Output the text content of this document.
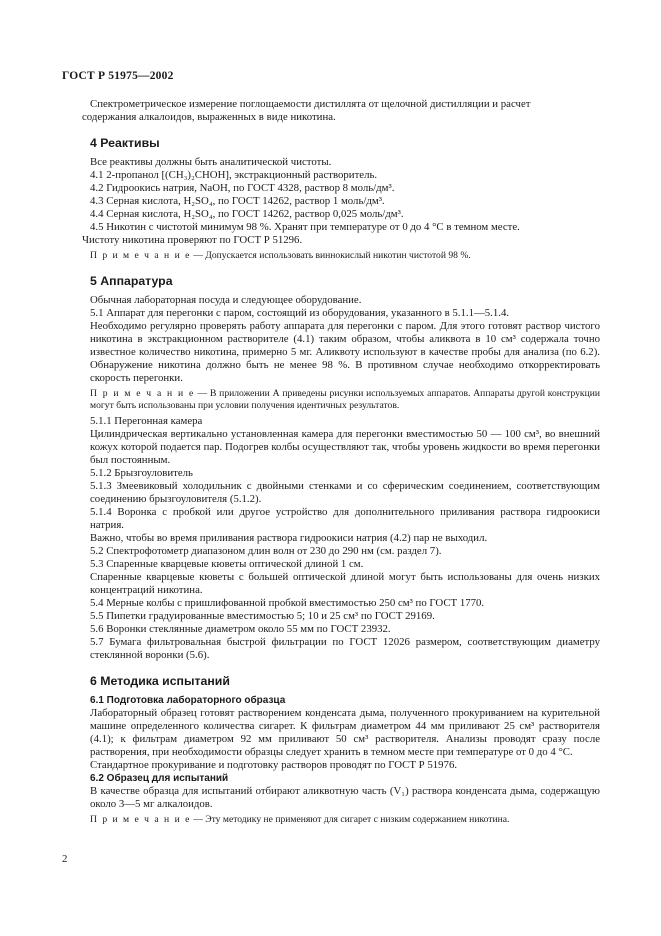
ГОСТ Р 51975—2002

Спектрометрическое измерение поглощаемости дистиллята от щелочной дистилляции и расчет

содержания алкалоидов, выраженных в виде никотина.

4 Реактивы

Все реактивы должны быть аналитической чистоты.

4.1 2-пропанол [(CH₃)₂CHOH], экстракционный растворитель.

4.2 Гидроокись натрия, NaOH, по ГОСТ 4328, раствор 8 моль/дм³.

4.3 Серная кислота, H₂SO₄, по ГОСТ 14262, раствор 1 моль/дм³.

4.4 Серная кислота, H₂SO₄, по ГОСТ 14262, раствор 0,025 моль/дм³.

4.5 Никотин с чистотой минимум 98 %. Хранят при температуре от 0 до 4 °С в темном месте.

Чистоту никотина проверяют по ГОСТ Р 51296.

П р и м е ч а н и е — Допускается использовать виннокислый никотин чистотой 98 %.

5 Аппаратура

Обычная лабораторная посуда и следующее оборудование.

5.1 Аппарат для перегонки с паром, состоящий из оборудования, указанного в 5.1.1—5.1.4.

Необходимо регулярно проверять работу аппарата для перегонки с паром. Для этого готовят раствор чистого никотина в экстракционном растворителе (4.1) таким образом, чтобы аликвота в 10 см³ содержала точно известное количество никотина, примерно 5 мг. Аликвоту используют в качестве пробы для анализа (по 6.2). Обнаружение никотина должно быть не менее 98 %. В противном случае необходимо откорректировать скорость перегонки.

П р и м е ч а н и е — В приложении А приведены рисунки используемых аппаратов. Аппараты другой конструкции могут быть использованы при условии получения идентичных результатов.

5.1.1 Перегонная камера

Цилиндрическая вертикально установленная камера для перегонки вместимостью 50 — 100 см³, во внешний кожух которой подается пар. Подогрев колбы осуществляют так, чтобы уровень жидкости во время перегонки был постоянным.

5.1.2 Брызгоуловитель

5.1.3 Змеевиковый холодильник с двойными стенками и со сферическим соединением, соответствующим соединению брызгоуловителя (5.1.2).

5.1.4 Воронка с пробкой или другое устройство для дополнительного приливания раствора гидроокиси натрия.

Важно, чтобы во время приливания раствора гидроокиси натрия (4.2) пар не выходил.

5.2 Спектрофотометр диапазоном длин волн от 230 до 290 нм (см. раздел 7).

5.3 Спаренные кварцевые кюветы оптической длиной 1 см.

Спаренные кварцевые кюветы с большей оптической длиной могут быть использованы для очень низких концентраций никотина.

5.4 Мерные колбы с пришлифованной пробкой вместимостью 250 см³ по ГОСТ 1770.

5.5 Пипетки градуированные вместимостью 5; 10 и 25 см³ по ГОСТ 29169.

5.6 Воронки стеклянные диаметром около 55 мм по ГОСТ 23932.

5.7 Бумага фильтровальная быстрой фильтрации по ГОСТ 12026 размером, соответствующим диаметру стеклянной воронки (5.6).

6 Методика испытаний

6.1 Подготовка лабораторного образца

Лабораторный образец готовят растворением конденсата дыма, полученного прокуриванием на курительной машине определенного количества сигарет. К фильтрам диаметром 44 мм приливают 25 см³ растворителя (4.1); к фильтрам диаметром 92 мм приливают 50 см³ растворителя. Анализы проводят сразу после растворения, при необходимости образцы следует хранить в темном месте при температуре от 0 до 4 °С.

Стандартное прокуривание и подготовку растворов проводят по ГОСТ Р 51976.

6.2 Образец для испытаний

В качестве образца для испытаний отбирают аликвотную часть (V₁) раствора конденсата дыма, содержащую около 3—5 мг алкалоидов.

П р и м е ч а н и е — Эту методику не применяют для сигарет с низким содержанием никотина.

2
